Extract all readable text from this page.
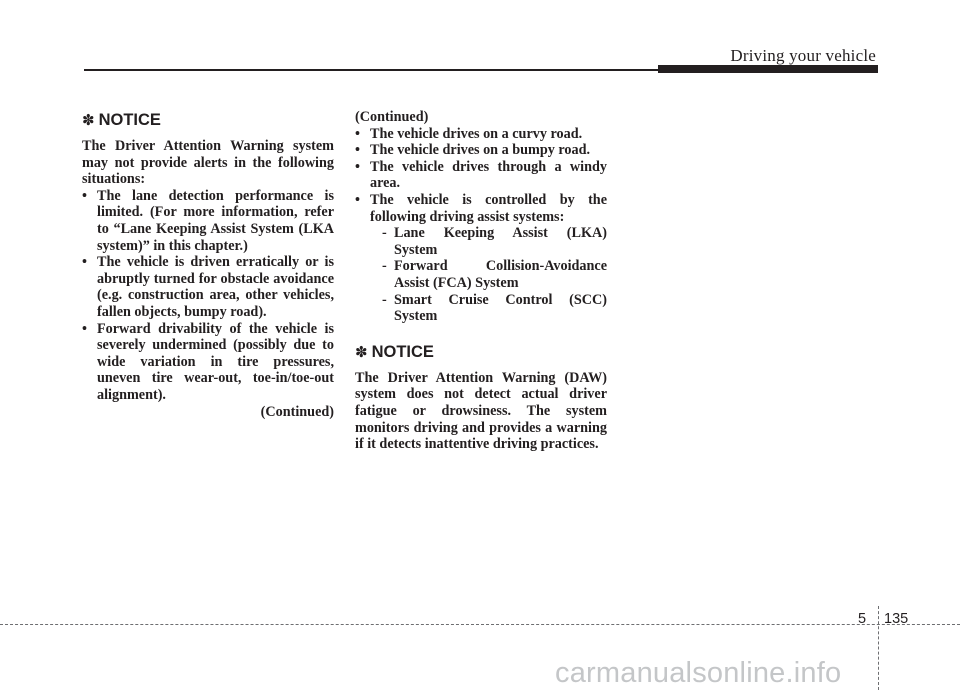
Driving your vehicle
✽ NOTICE

The Driver Attention Warning system may not provide alerts in the following situations:

• The lane detection performance is limited. (For more information, refer to “Lane Keeping Assist System (LKA system)” in this chapter.)
• The vehicle is driven erratically or is abruptly turned for obstacle avoidance (e.g. construction area, other vehicles, fallen objects, bumpy road).
• Forward drivability of the vehicle is severely undermined (possibly due to wide variation in tire pressures, uneven tire wear-out, toe-in/toe-out alignment).
(Continued)

(Continued)

• The vehicle drives on a curvy road.
• The vehicle drives on a bumpy road.
• The vehicle drives through a windy area.
• The vehicle is controlled by the following driving assist systems:
- Lane Keeping Assist (LKA) System
- Forward Collision-Avoidance Assist (FCA) System
- Smart Cruise Control (SCC) System
✽ NOTICE

The Driver Attention Warning (DAW) system does not detect actual driver fatigue or drowsiness. The system monitors driving and provides a warning if it detects inattentive driving practices.

5 135
carmanualsonline.info
